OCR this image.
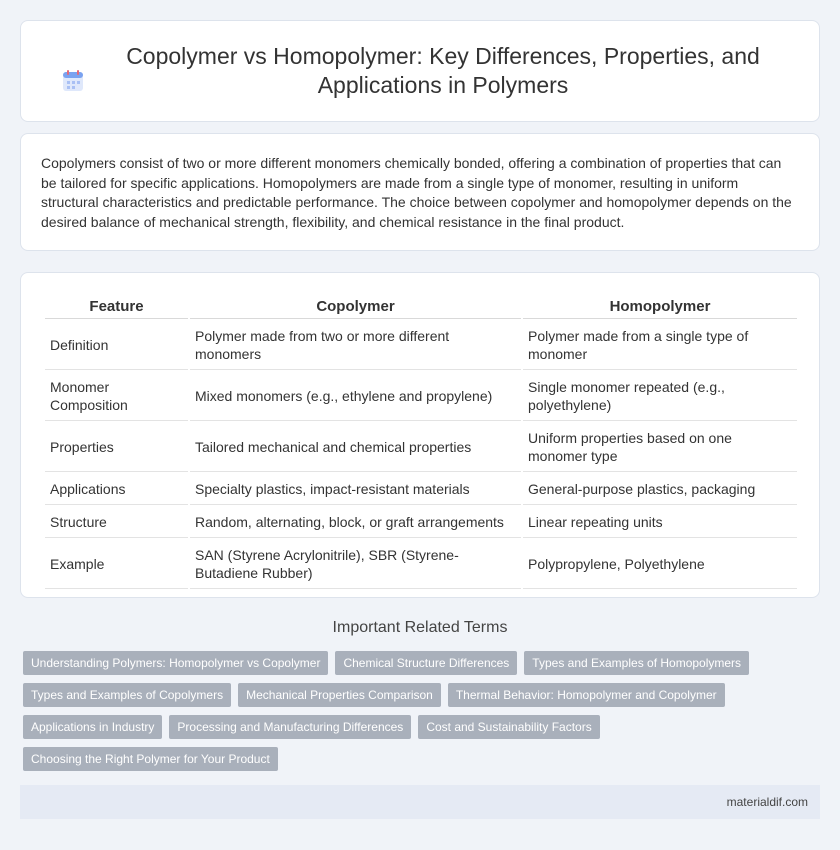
Copolymer vs Homopolymer: Key Differences, Properties, and Applications in Polymers

Copolymers consist of two or more different monomers chemically bonded, offering a combination of properties that can be tailored for specific applications. Homopolymers are made from a single type of monomer, resulting in uniform structural characteristics and predictable performance. The choice between copolymer and homopolymer depends on the desired balance of mechanical strength, flexibility, and chemical resistance in the final product.

Feature	Copolymer	Homopolymer
Definition	Polymer made from two or more different monomers	Polymer made from a single type of monomer
Monomer Composition	Mixed monomers (e.g., ethylene and propylene)	Single monomer repeated (e.g., polyethylene)
Properties	Tailored mechanical and chemical properties	Uniform properties based on one monomer type
Applications	Specialty plastics, impact-resistant materials	General-purpose plastics, packaging
Structure	Random, alternating, block, or graft arrangements	Linear repeating units
Example	SAN (Styrene Acrylonitrile), SBR (Styrene-Butadiene Rubber)	Polypropylene, Polyethylene
Important Related Terms
Understanding Polymers: Homopolymer vs Copolymer	Chemical Structure Differences	Types and Examples of Homopolymers
Types and Examples of Copolymers	Mechanical Properties Comparison	Thermal Behavior: Homopolymer and Copolymer
Applications in Industry	Processing and Manufacturing Differences	Cost and Sustainability Factors
Choosing the Right Polymer for Your Product
materialdif.com
